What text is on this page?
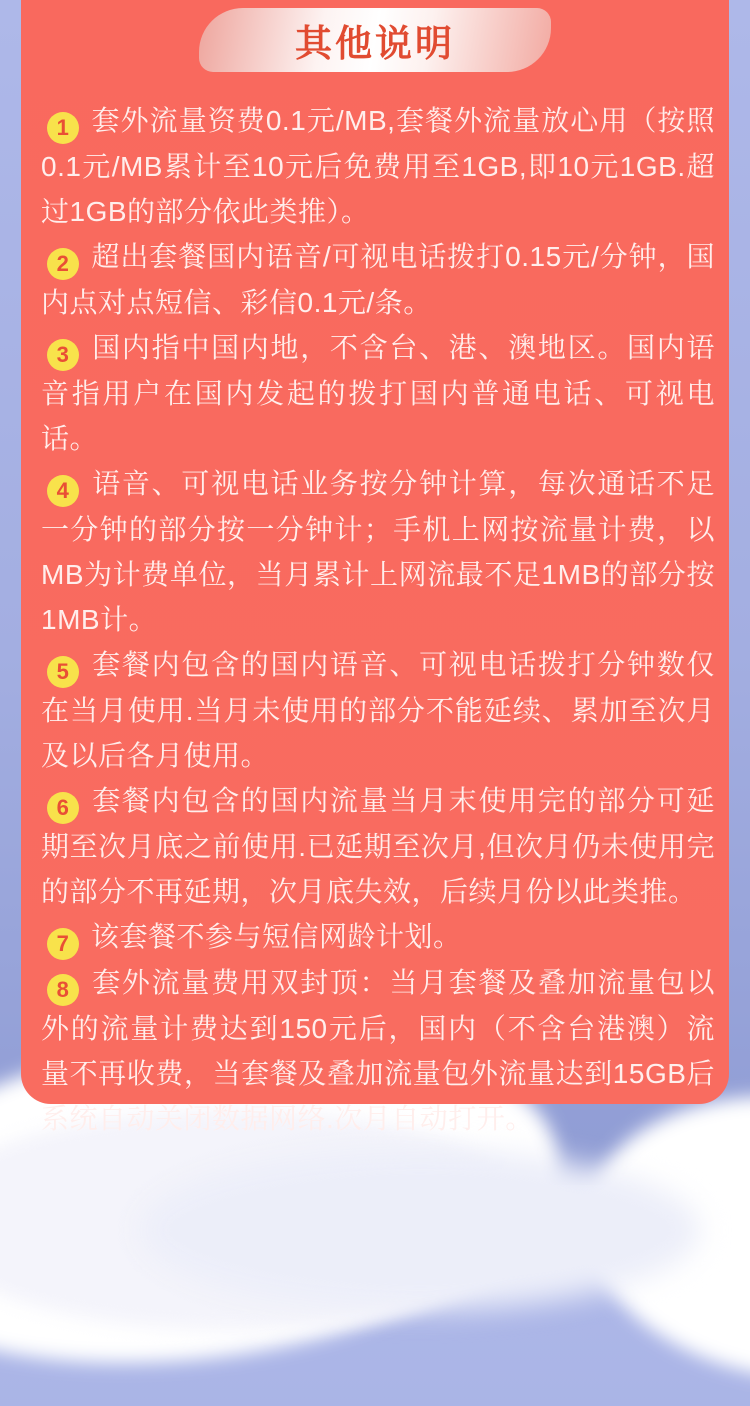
其他说明

1 套外流量资费0.1元/MB,套餐外流量放心用（按照0.1元/MB累计至10元后免费用至1GB,即10元1GB.超过1GB的部分依此类推）。

2 超出套餐国内语音/可视电话拨打0.15元/分钟，国内点对点短信、彩信0.1元/条。

3 国内指中国内地，不含台、港、澳地区。国内语音指用户在国内发起的拨打国内普通电话、可视电话。

4 语音、可视电话业务按分钟计算，每次通话不足一分钟的部分按一分钟计；手机上网按流量计费，以MB为计费单位，当月累计上网流最不足1MB的部分按1MB计。

5 套餐内包含的国内语音、可视电话拨打分钟数仅在当月使用.当月未使用的部分不能延续、累加至次月及以后各月使用。

6 套餐内包含的国内流量当月末使用完的部分可延期至次月底之前使用.已延期至次月,但次月仍未使用完的部分不再延期，次月底失效，后续月份以此类推。

7 该套餐不参与短信网龄计划。

8 套外流量费用双封顶：当月套餐及叠加流量包以外的流量计费达到150元后，国内（不含台港澳）流量不再收费，当套餐及叠加流量包外流量达到15GB后系统自动关闭数据网络.次月自动打开。
